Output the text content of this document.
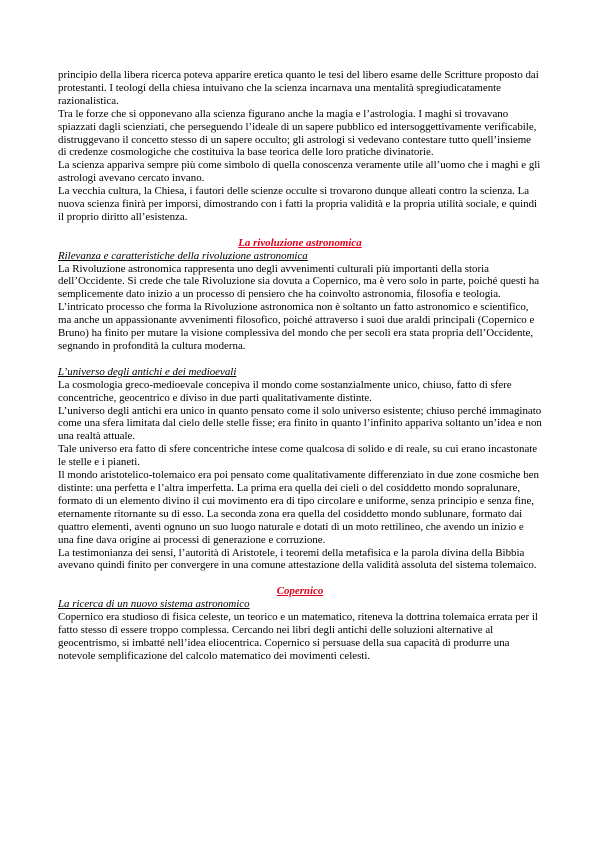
principio della libera ricerca poteva apparire eretica quanto le tesi del libero esame delle Scritture proposto dai protestanti. I teologi della chiesa intuivano che la scienza incarnava una mentalità spregiudicatamente razionalistica.

Tra le forze che si opponevano alla scienza figurano anche la magia e l’astrologia. I maghi si trovavano spiazzati dagli scienziati, che perseguendo l’ideale di un sapere pubblico ed intersoggettivamente verificabile, distruggevano il concetto stesso di un sapere occulto; gli astrologi si vedevano contestare tutto quell’insieme di credenze cosmologiche che costituiva la base teorica delle loro pratiche divinatorie.

La scienza appariva sempre più come simbolo di quella conoscenza veramente utile all’uomo che i maghi e gli astrologi avevano cercato invano.

La vecchia cultura, la Chiesa, i fautori delle scienze occulte si trovarono dunque alleati contro la scienza. La nuova scienza finirà per imporsi, dimostrando con i fatti la propria validità e la propria utilità sociale, e quindi il proprio diritto all’esistenza.

La rivoluzione astronomica

Rilevanza e caratteristiche della rivoluzione astronomica

La Rivoluzione astronomica rappresenta uno degli avvenimenti culturali più importanti della storia dell’Occidente. Si crede che tale Rivoluzione sia dovuta a Copernico, ma è vero solo in parte, poiché questi ha semplicemente dato inizio a un processo di pensiero che ha coinvolto astronomia, filosofia e teologia.

L’intricato processo che forma la Rivoluzione astronomica non è soltanto un fatto astronomico e scientifico, ma anche un appassionante avvenimenti filosofico, poiché attraverso i suoi due araldi principali (Copernico e Bruno) ha finito per mutare la visione complessiva del mondo che per secoli era stata propria dell’Occidente, segnando in profondità la cultura moderna.

L’universo degli antichi e dei medioevali

La cosmologia greco-medioevale concepiva il mondo come sostanzialmente unico, chiuso, fatto di sfere concentriche, geocentrico e diviso in due parti qualitativamente distinte.

L’universo degli antichi era unico in quanto pensato come il solo universo esistente; chiuso perché immaginato come una sfera limitata dal cielo delle stelle fisse; era finito in quanto l’infinito appariva soltanto un’idea e non una realtà attuale.

Tale universo era fatto di sfere concentriche intese come qualcosa di solido e di reale, su cui erano incastonate le stelle e i pianeti.

Il mondo aristotelico-tolemaico era poi pensato come qualitativamente differenziato in due zone cosmiche ben distinte: una perfetta e l’altra imperfetta. La prima era quella dei cieli o del cosiddetto mondo sopralunare, formato di un elemento divino il cui movimento era di tipo circolare e uniforme, senza principio e senza fine, eternamente ritornante su di esso. La seconda zona era quella del cosiddetto mondo sublunare, formato dai quattro elementi, aventi ognuno un suo luogo naturale e dotati di un moto rettilineo, che avendo un inizio e una fine dava origine ai processi di generazione e corruzione.

La testimonianza dei sensi, l’autorità di Aristotele, i teoremi della metafisica e la parola divina della Bibbia avevano quindi finito per convergere in una comune attestazione della validità assoluta del sistema tolemaico.

Copernico

La ricerca di un nuovo sistema astronomico

Copernico era studioso di fisica celeste, un teorico e un matematico, riteneva la dottrina tolemaica errata per il fatto stesso di essere troppo complessa. Cercando nei libri degli antichi delle soluzioni alternative al geocentrismo, si imbatté nell’idea eliocentrica. Copernico si persuase della sua capacità di produrre una notevole semplificazione del calcolo matematico dei movimenti celesti.
